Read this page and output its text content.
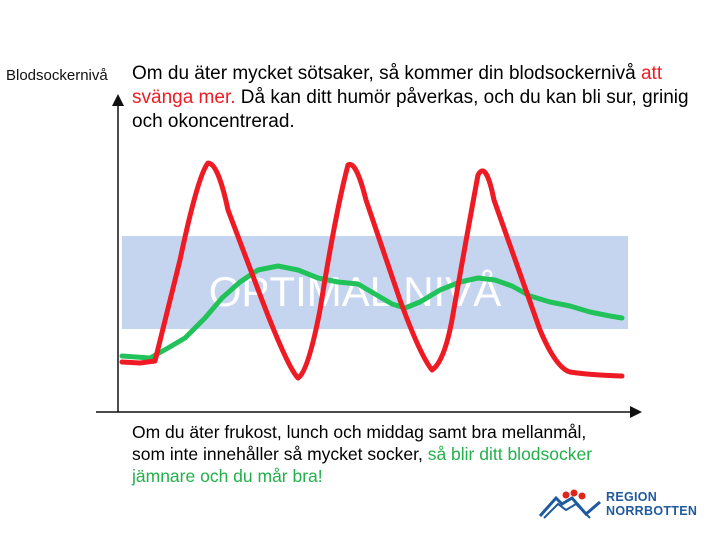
Blodsockernivå Om du äter mycket sötsaker, så kommer din blodsockernivå att svänga mer. Då kan ditt humör påverkas, och du kan bli sur, grinig och okoncentrerad.
OPTIMAL NIVÅ
Om du äter frukost, lunch och middag samt bra mellanmål, som inte innehåller så mycket socker, så blir ditt blodsocker jämnare och du mår bra!
REGION
NORRBOTTEN
